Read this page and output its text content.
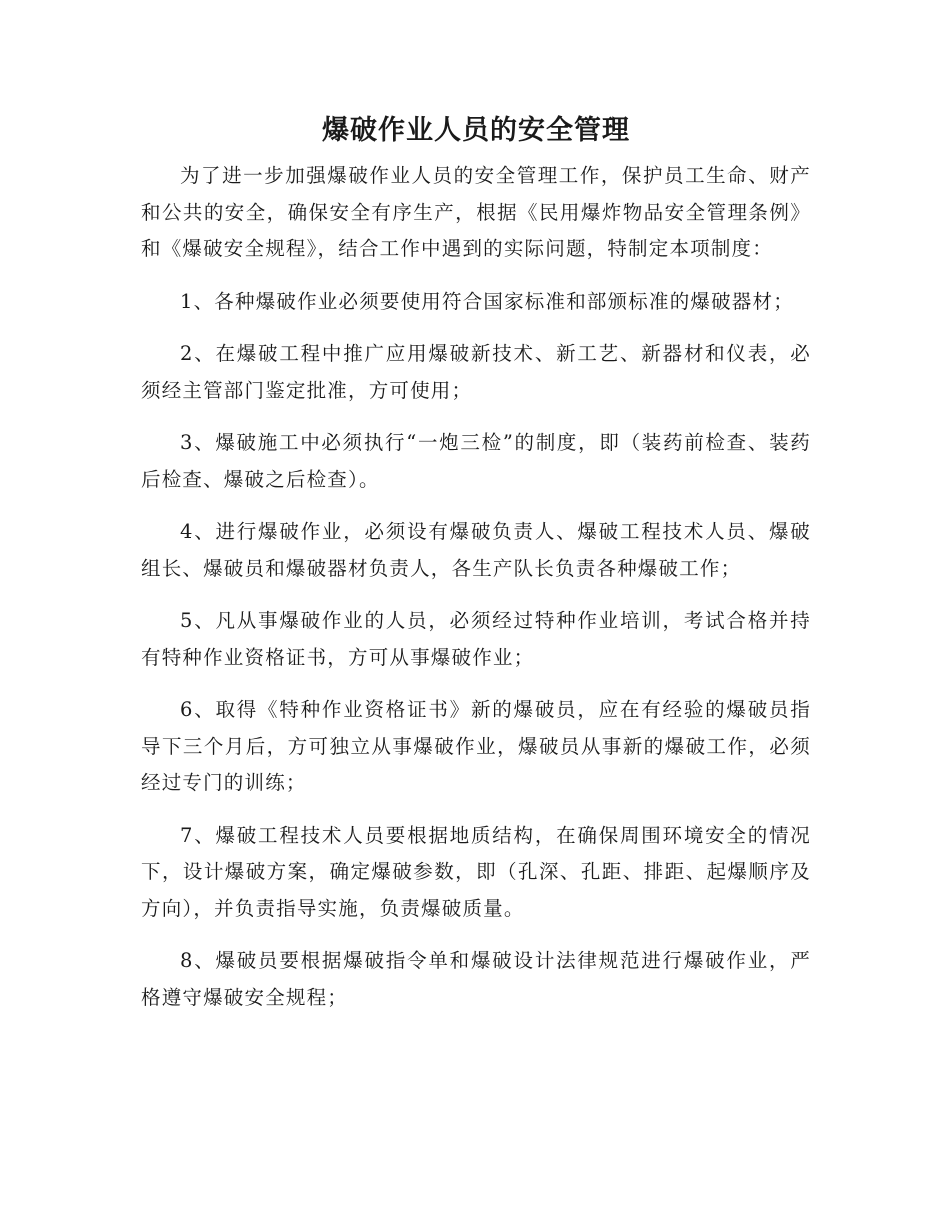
爆破作业人员的安全管理

为了进一步加强爆破作业人员的安全管理工作，保护员工生命、财产和公共的安全，确保安全有序生产，根据《民用爆炸物品安全管理条例》和《爆破安全规程》，结合工作中遇到的实际问题，特制定本项制度：

1、各种爆破作业必须要使用符合国家标准和部颁标准的爆破器材；

2、在爆破工程中推广应用爆破新技术、新工艺、新器材和仪表，必须经主管部门鉴定批准，方可使用；

3、爆破施工中必须执行“一炮三检”的制度，即（装药前检查、装药后检查、爆破之后检查）。

4、进行爆破作业，必须设有爆破负责人、爆破工程技术人员、爆破组长、爆破员和爆破器材负责人，各生产队长负责各种爆破工作；

5、凡从事爆破作业的人员，必须经过特种作业培训，考试合格并持有特种作业资格证书，方可从事爆破作业；

6、取得《特种作业资格证书》新的爆破员，应在有经验的爆破员指导下三个月后，方可独立从事爆破作业，爆破员从事新的爆破工作，必须经过专门的训练；

7、爆破工程技术人员要根据地质结构，在确保周围环境安全的情况下，设计爆破方案，确定爆破参数，即（孔深、孔距、排距、起爆顺序及方向），并负责指导实施，负责爆破质量。

8、爆破员要根据爆破指令单和爆破设计法律规范进行爆破作业，严格遵守爆破安全规程；
